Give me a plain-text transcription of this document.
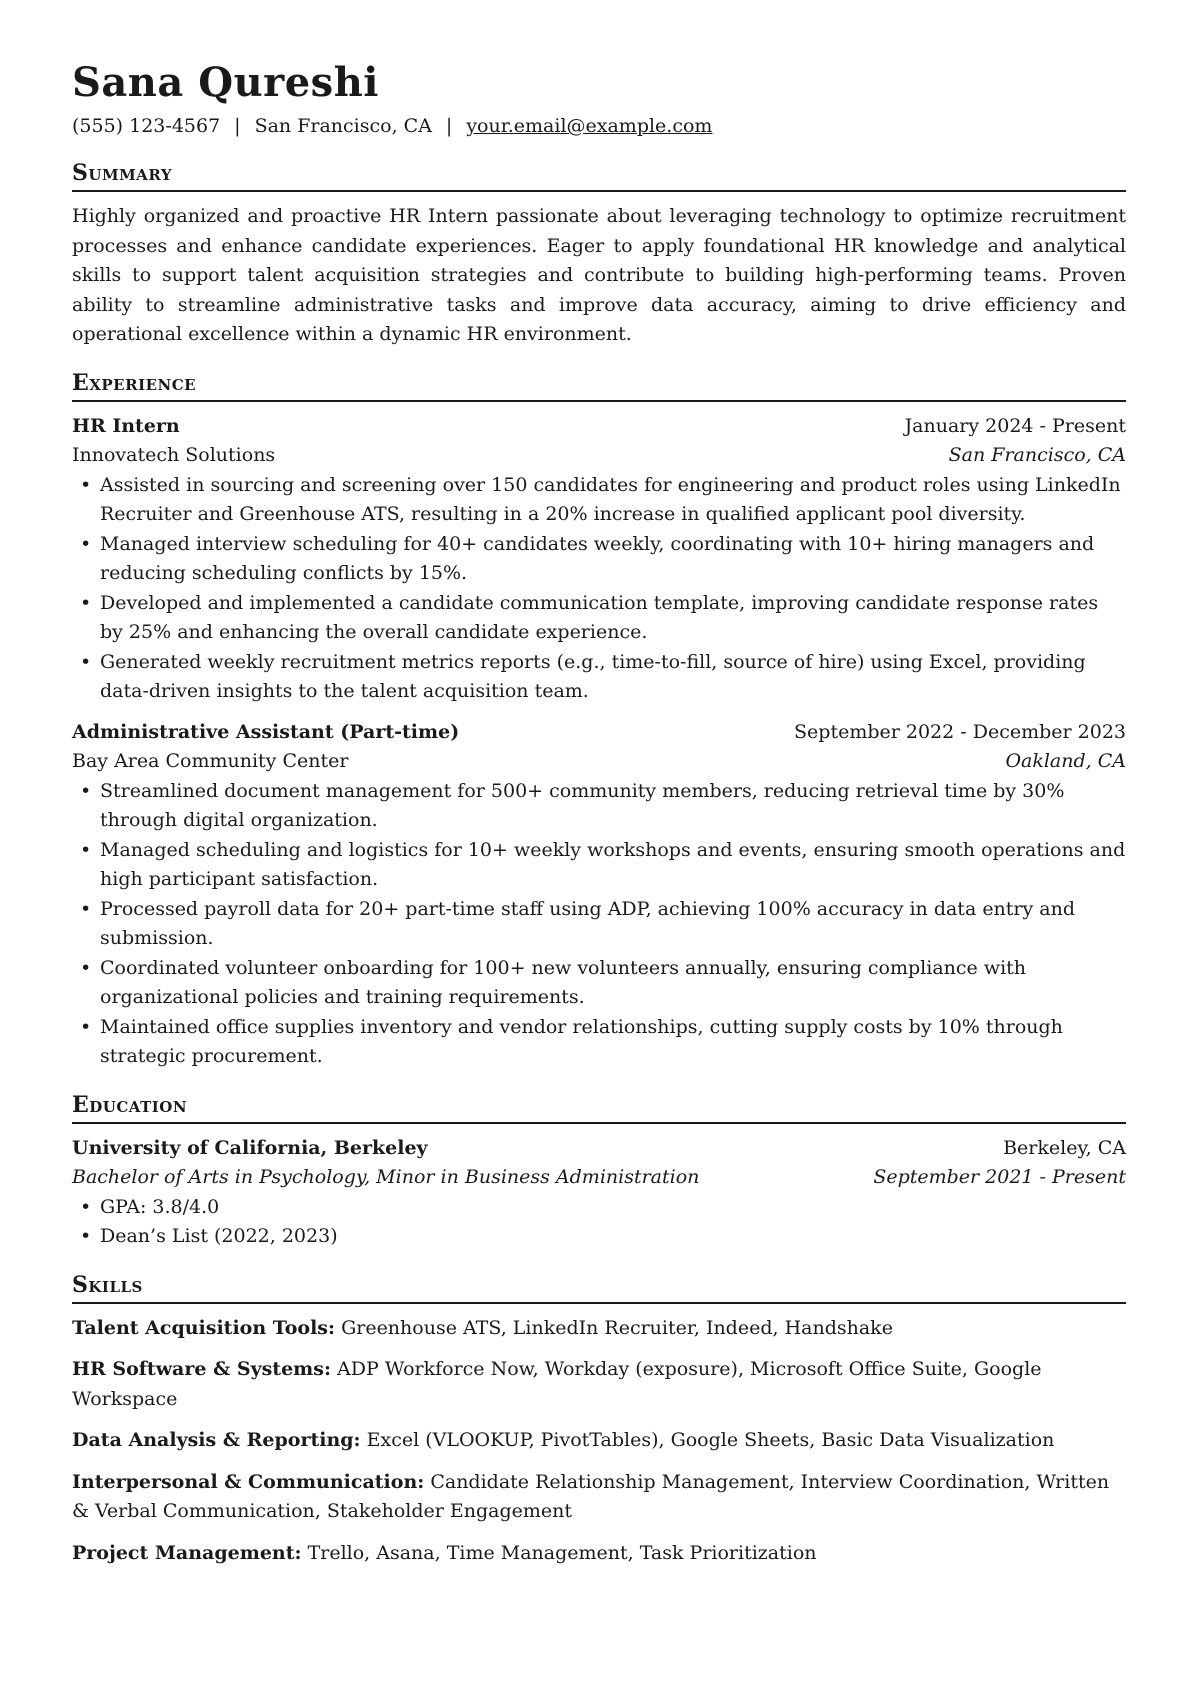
Sana Qureshi
(555) 123-4567 | San Francisco, CA | your.email@example.com
Summary
Highly organized and proactive HR Intern passionate about leveraging technology to optimize recruitment processes and enhance candidate experiences. Eager to apply foundational HR knowledge and analytical skills to support talent acquisition strategies and contribute to building high-performing teams. Proven ability to streamline administrative tasks and improve data accuracy, aiming to drive efficiency and operational excellence within a dynamic HR environment.
Experience
HR Intern	January 2024 - Present
Innovatech Solutions	San Francisco, CA
• Assisted in sourcing and screening over 150 candidates for engineering and product roles using LinkedIn Recruiter and Greenhouse ATS, resulting in a 20% increase in qualified applicant pool diversity.
• Managed interview scheduling for 40+ candidates weekly, coordinating with 10+ hiring managers and reducing scheduling conflicts by 15%.
• Developed and implemented a candidate communication template, improving candidate response rates by 25% and enhancing the overall candidate experience.
• Generated weekly recruitment metrics reports (e.g., time-to-fill, source of hire) using Excel, providing data-driven insights to the talent acquisition team.
Administrative Assistant (Part-time)	September 2022 - December 2023
Bay Area Community Center	Oakland, CA
• Streamlined document management for 500+ community members, reducing retrieval time by 30% through digital organization.
• Managed scheduling and logistics for 10+ weekly workshops and events, ensuring smooth operations and high participant satisfaction.
• Processed payroll data for 20+ part-time staff using ADP, achieving 100% accuracy in data entry and submission.
• Coordinated volunteer onboarding for 100+ new volunteers annually, ensuring compliance with organizational policies and training requirements.
• Maintained office supplies inventory and vendor relationships, cutting supply costs by 10% through strategic procurement.
Education
University of California, Berkeley	Berkeley, CA
Bachelor of Arts in Psychology, Minor in Business Administration	September 2021 - Present
• GPA: 3.8/4.0
• Dean’s List (2022, 2023)
Skills
Talent Acquisition Tools: Greenhouse ATS, LinkedIn Recruiter, Indeed, Handshake
HR Software & Systems: ADP Workforce Now, Workday (exposure), Microsoft Office Suite, Google Workspace
Data Analysis & Reporting: Excel (VLOOKUP, PivotTables), Google Sheets, Basic Data Visualization
Interpersonal & Communication: Candidate Relationship Management, Interview Coordination, Written & Verbal Communication, Stakeholder Engagement
Project Management: Trello, Asana, Time Management, Task Prioritization
